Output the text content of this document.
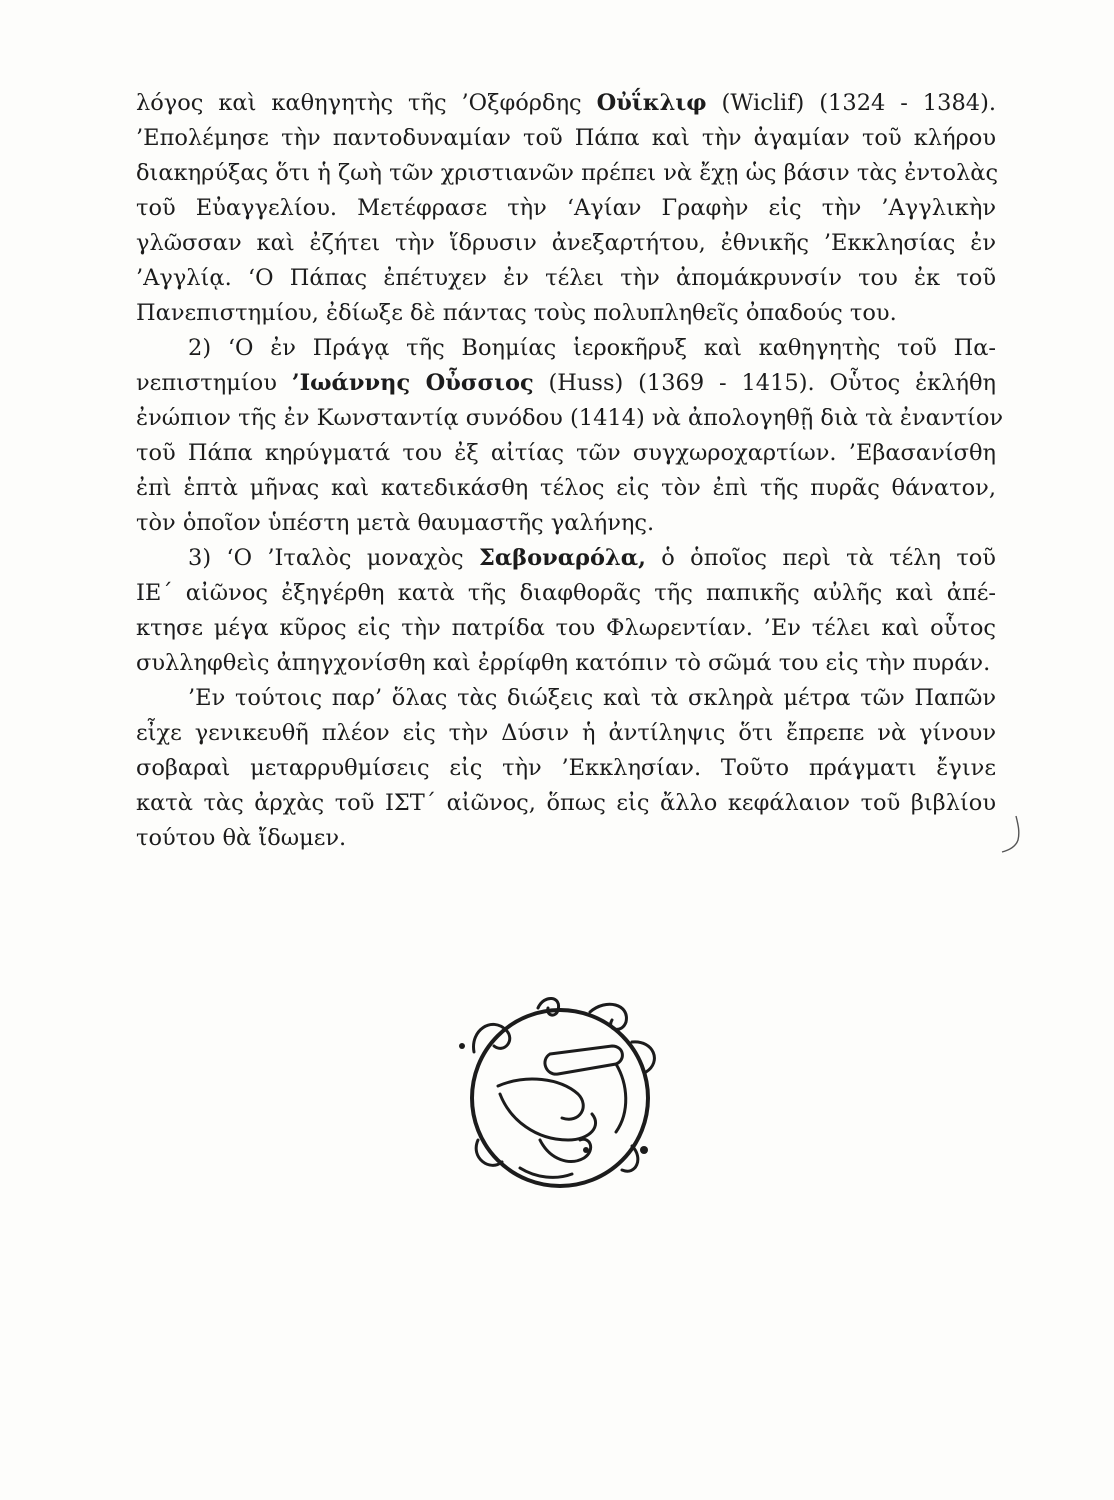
λόγος καὶ καθηγητὴς τῆς ’Οξφόρδης Οὐΐκλιφ (Wiclif) (1324 - 1384).
’Επολέμησε τὴν παντοδυναμίαν τοῦ Πάπα καὶ τὴν ἀγαμίαν τοῦ κλήρου
διακηρύξας ὅτι ἡ ζωὴ τῶν χριστιανῶν πρέπει νὰ ἔχῃ ὡς βάσιν τὰς ἐντολὰς
τοῦ Εὐαγγελίου. Μετέφρασε τὴν ‘Αγίαν Γραφὴν εἰς τὴν ’Αγγλικὴν
γλῶσσαν καὶ ἐζήτει τὴν ἵδρυσιν ἀνεξαρτήτου, ἐθνικῆς ’Εκκλησίας ἐν
’Αγγλίᾳ. ‘Ο Πάπας ἐπέτυχεν ἐν τέλει τὴν ἀπομάκρυνσίν του ἐκ τοῦ
Πανεπιστημίου, ἐδίωξε δὲ πάντας τοὺς πολυπληθεῖς ὀπαδούς του.
2) ‘Ο ἐν Πράγᾳ τῆς Βοημίας ἱεροκῆρυξ καὶ καθηγητὴς τοῦ Πα-
νεπιστημίου ’Ιωάννης Οὖσσιος (Huss) (1369 - 1415). Οὗτος ἐκλήθη
ἐνώπιον τῆς ἐν Κωνσταντίᾳ συνόδου (1414) νὰ ἀπολογηθῇ διὰ τὰ ἐναντίον
τοῦ Πάπα κηρύγματά του ἐξ αἰτίας τῶν συγχωροχαρτίων. ’Εβασανίσθη
ἐπὶ ἑπτὰ μῆνας καὶ κατεδικάσθη τέλος εἰς τὸν ἐπὶ τῆς πυρᾶς θάνατον,
τὸν ὁποῖον ὑπέστη μετὰ θαυμαστῆς γαλήνης.
3) ‘Ο ’Ιταλὸς μοναχὸς Σαβοναρόλα, ὁ ὁποῖος περὶ τὰ τέλη τοῦ
ΙΕ΄ αἰῶνος ἐξηγέρθη κατὰ τῆς διαφθορᾶς τῆς παπικῆς αὐλῆς καὶ ἀπέ-
κτησε μέγα κῦρος εἰς τὴν πατρίδα του Φλωρεντίαν. ’Εν τέλει καὶ οὗτος
συλληφθεὶς ἀπηγχονίσθη καὶ ἐρρίφθη κατόπιν τὸ σῶμά του εἰς τὴν πυράν.
’Εν τούτοις παρ’ ὅλας τὰς διώξεις καὶ τὰ σκληρὰ μέτρα τῶν Παπῶν
εἶχε γενικευθῆ πλέον εἰς τὴν Δύσιν ἡ ἀντίληψις ὅτι ἔπρεπε νὰ γίνουν
σοβαραὶ μεταρρυθμίσεις εἰς τὴν ’Εκκλησίαν. Τοῦτο πράγματι ἔγινε
κατὰ τὰς ἀρχὰς τοῦ ΙΣΤ΄ αἰῶνος, ὅπως εἰς ἄλλο κεφάλαιον τοῦ βιβλίου
τούτου θὰ ἴδωμεν.
